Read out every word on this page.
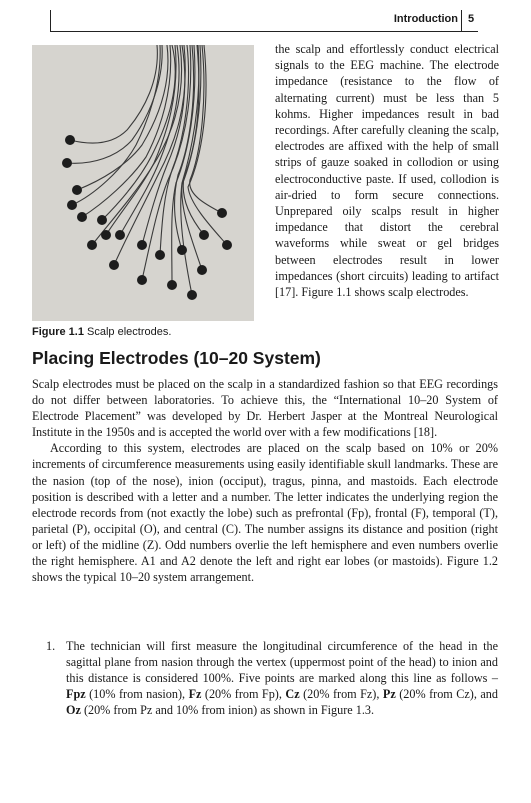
Introduction 5
Figure 1.1 Scalp electrodes.

the scalp and effortlessly conduct electrical signals to the EEG machine. The electrode impedance (resistance to the flow of alternating current) must be less than 5 kohms. Higher impedances result in bad recordings. After carefully cleaning the scalp, electrodes are affixed with the help of small strips of gauze soaked in collodion or using electroconductive paste. If used, collodion is air-dried to form secure connections. Unprepared oily scalps result in higher impedance that distort the cerebral waveforms while sweat or gel bridges between electrodes result in lower impedances (short circuits) leading to artifact [17]. Figure 1.1 shows scalp electrodes.

Placing Electrodes (10–20 System)

Scalp electrodes must be placed on the scalp in a standardized fashion so that EEG recordings do not differ between laboratories. To achieve this, the “International 10–20 System of Electrode Placement” was developed by Dr. Herbert Jasper at the Montreal Neurological Institute in the 1950s and is accepted the world over with a few modifications [18].

According to this system, electrodes are placed on the scalp based on 10% or 20% increments of circumference measurements using easily identifiable skull landmarks. These are the nasion (top of the nose), inion (occiput), tragus, pinna, and mastoids. Each electrode position is described with a letter and a number. The letter indicates the underlying region the electrode records from (not exactly the lobe) such as prefrontal (Fp), frontal (F), temporal (T), parietal (P), occipital (O), and central (C). The number assigns its distance and position (right or left) of the midline (Z). Odd numbers overlie the left hemisphere and even numbers overlie the right hemisphere. A1 and A2 denote the left and right ear lobes (or mastoids). Figure 1.2 shows the typical 10–20 system arrangement.

1. The technician will first measure the longitudinal circumference of the head in the sagittal plane from nasion through the vertex (uppermost point of the head) to inion and this distance is considered 100%. Five points are marked along this line as follows – Fpz (10% from nasion), Fz (20% from Fp), Cz (20% from Fz), Pz (20% from Cz), and Oz (20% from Pz and 10% from inion) as shown in Figure 1.3.
